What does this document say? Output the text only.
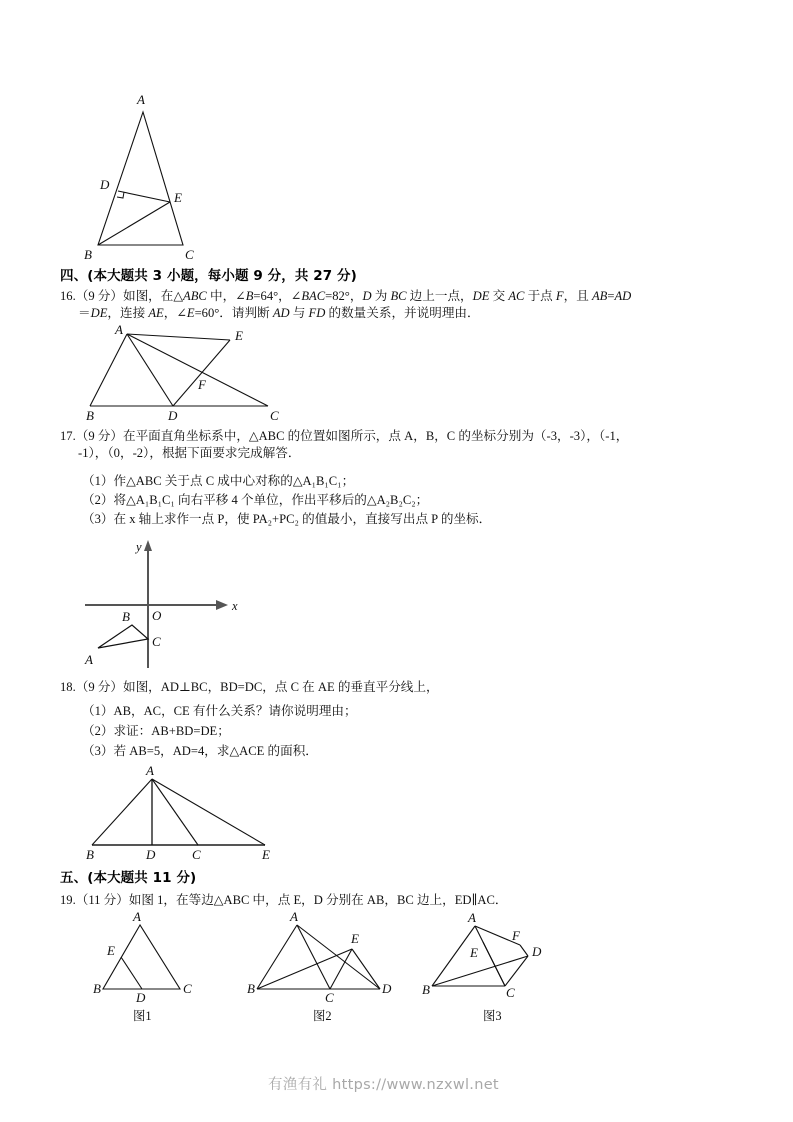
A
B	C
D
E
四、(本大题共 3 小题，每小题 9 分，共 27 分)
16.（9 分）如图，在△ABC 中，∠B=64°，∠BAC=82°，D 为 BC 边上一点，DE 交 AC 于点 F，且 AB=AD
＝DE，连接 AE，∠E=60°．请判断 AD 与 FD 的数量关系，并说明理由．
A
B	C
D
E
F
17.（9 分）在平面直角坐标系中，△ABC 的位置如图所示，点 A，B，C 的坐标分别为（-3，-3），（-1，
-1），（0，-2），根据下面要求完成解答．
（1）作△ABC 关于点 C 成中心对称的△A₁B₁C₁；
（2）将△A₁B₁C₁ 向右平移 4 个单位，作出平移后的△A₂B₂C₂；
（3）在 x 轴上求作一点 P，使 PA₂+PC₂ 的值最小，直接写出点 P 的坐标．
y
x
O
A
B
C
18.（9 分）如图，AD⊥BC，BD=DC，点 C 在 AE 的垂直平分线上，
（1）AB，AC，CE 有什么关系？请你说明理由；
（2）求证：AB+BD=DE；
（3）若 AB=5，AD=4，求△ACE 的面积．
A
B	D	C	E
五、(本大题共 11 分)
19.（11 分）如图 1，在等边△ABC 中，点 E，D 分别在 AB，BC 边上，ED∥AC．
A
B	C
D
E
图1
A
B
C
D
E
图2
A
B	C
D
E
F
图3
有渔有礼 https://www.nzxwl.net
